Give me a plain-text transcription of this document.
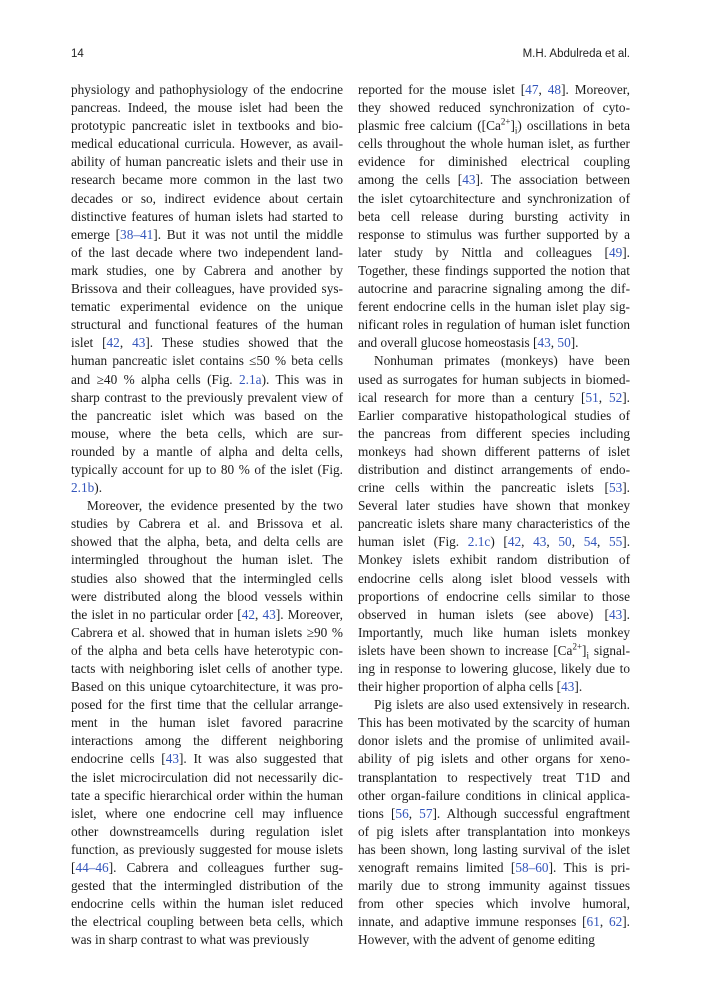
14	M.H. Abdulreda et al.
physiology and pathophysiology of the endocrine
pancreas. Indeed, the mouse islet had been the
prototypic pancreatic islet in textbooks and bio-
medical educational curricula. However, as avail-
ability of human pancreatic islets and their use in
research became more common in the last two
decades or so, indirect evidence about certain
distinctive features of human islets had started to
emerge [38–41]. But it was not until the middle
of the last decade where two independent land-
mark studies, one by Cabrera and another by
Brissova and their colleagues, have provided sys-
tematic experimental evidence on the unique
structural and functional features of the human
islet [42, 43]. These studies showed that the
human pancreatic islet contains ≤50 % beta cells
and ≥40 % alpha cells (Fig. 2.1a). This was in
sharp contrast to the previously prevalent view of
the pancreatic islet which was based on the
mouse, where the beta cells, which are sur-
rounded by a mantle of alpha and delta cells,
typically account for up to 80 % of the islet (Fig.
2.1b).
Moreover, the evidence presented by the two
studies by Cabrera et al. and Brissova et al.
showed that the alpha, beta, and delta cells are
intermingled throughout the human islet. The
studies also showed that the intermingled cells
were distributed along the blood vessels within
the islet in no particular order [42, 43]. Moreover,
Cabrera et al. showed that in human islets ≥90 %
of the alpha and beta cells have heterotypic con-
tacts with neighboring islet cells of another type.
Based on this unique cytoarchitecture, it was pro-
posed for the first time that the cellular arrange-
ment in the human islet favored paracrine
interactions among the different neighboring
endocrine cells [43]. It was also suggested that
the islet microcirculation did not necessarily dic-
tate a specific hierarchical order within the human
islet, where one endocrine cell may influence
other downstreamcells during regulation islet
function, as previously suggested for mouse islets
[44–46]. Cabrera and colleagues further sug-
gested that the intermingled distribution of the
endocrine cells within the human islet reduced
the electrical coupling between beta cells, which
was in sharp contrast to what was previously
reported for the mouse islet [47, 48]. Moreover,
they showed reduced synchronization of cyto-
plasmic free calcium $([Ca^{2+}]_i)$ oscillations in beta
cells throughout the whole human islet, as further
evidence for diminished electrical coupling
among the cells [43]. The association between
the islet cytoarchitecture and synchronization of
beta cell release during bursting activity in
response to stimulus was further supported by a
later study by Nittla and colleagues [49].
Together, these findings supported the notion that
autocrine and paracrine signaling among the dif-
ferent endocrine cells in the human islet play sig-
nificant roles in regulation of human islet function
and overall glucose homeostasis [43, 50].
Nonhuman primates (monkeys) have been
used as surrogates for human subjects in biomed-
ical research for more than a century [51, 52].
Earlier comparative histopathological studies of
the pancreas from different species including
monkeys had shown different patterns of islet
distribution and distinct arrangements of endo-
crine cells within the pancreatic islets [53].
Several later studies have shown that monkey
pancreatic islets share many characteristics of the
human islet (Fig. 2.1c) [42, 43, 50, 54, 55].
Monkey islets exhibit random distribution of
endocrine cells along islet blood vessels with
proportions of endocrine cells similar to those
observed in human islets (see above) [43].
Importantly, much like human islets monkey
islets have been shown to increase $[Ca^{2+}]_i$ signal-
ing in response to lowering glucose, likely due to
their higher proportion of alpha cells [43].
Pig islets are also used extensively in research.
This has been motivated by the scarcity of human
donor islets and the promise of unlimited avail-
ability of pig islets and other organs for xeno-
transplantation to respectively treat T1D and
other organ-failure conditions in clinical applica-
tions [56, 57]. Although successful engraftment
of pig islets after transplantation into monkeys
has been shown, long lasting survival of the islet
xenograft remains limited [58–60]. This is pri-
marily due to strong immunity against tissues
from other species which involve humoral,
innate, and adaptive immune responses [61, 62].
However, with the advent of genome editing
